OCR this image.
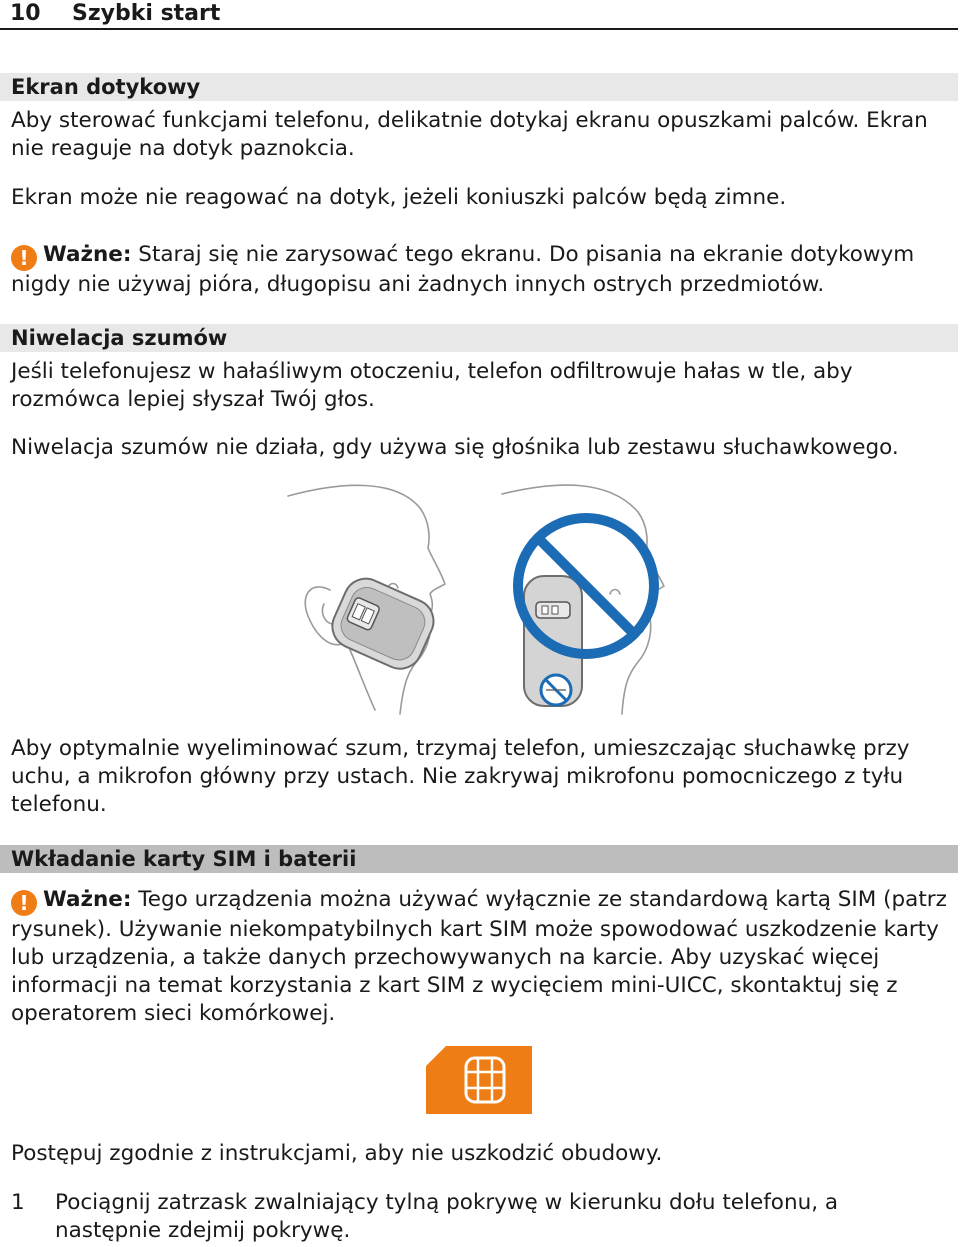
10 Szybki start
Ekran dotykowy

Aby sterować funkcjami telefonu, delikatnie dotykaj ekranu opuszkami palców. Ekran nie reaguje na dotyk paznokcia.

Ekran może nie reagować na dotyk, jeżeli koniuszki palców będą zimne.

! Ważne: Staraj się nie zarysować tego ekranu. Do pisania na ekranie dotykowym nigdy nie używaj pióra, długopisu ani żadnych innych ostrych przedmiotów.

Niwelacja szumów

Jeśli telefonujesz w hałaśliwym otoczeniu, telefon odfiltrowuje hałas w tle, aby rozmówca lepiej słyszał Twój głos.

Niwelacja szumów nie działa, gdy używa się głośnika lub zestawu słuchawkowego.

Aby optymalnie wyeliminować szum, trzymaj telefon, umieszczając słuchawkę przy uchu, a mikrofon główny przy ustach. Nie zakrywaj mikrofonu pomocniczego z tyłu telefonu.

Wkładanie karty SIM i baterii

! Ważne: Tego urządzenia można używać wyłącznie ze standardową kartą SIM (patrz rysunek). Używanie niekompatybilnych kart SIM może spowodować uszkodzenie karty lub urządzenia, a także danych przechowywanych na karcie. Aby uzyskać więcej informacji na temat korzystania z kart SIM z wycięciem mini-UICC, skontaktuj się z operatorem sieci komórkowej.

Postępuj zgodnie z instrukcjami, aby nie uszkodzić obudowy.

1 Pociągnij zatrzask zwalniający tylną pokrywę w kierunku dołu telefonu, a następnie zdejmij pokrywę.
